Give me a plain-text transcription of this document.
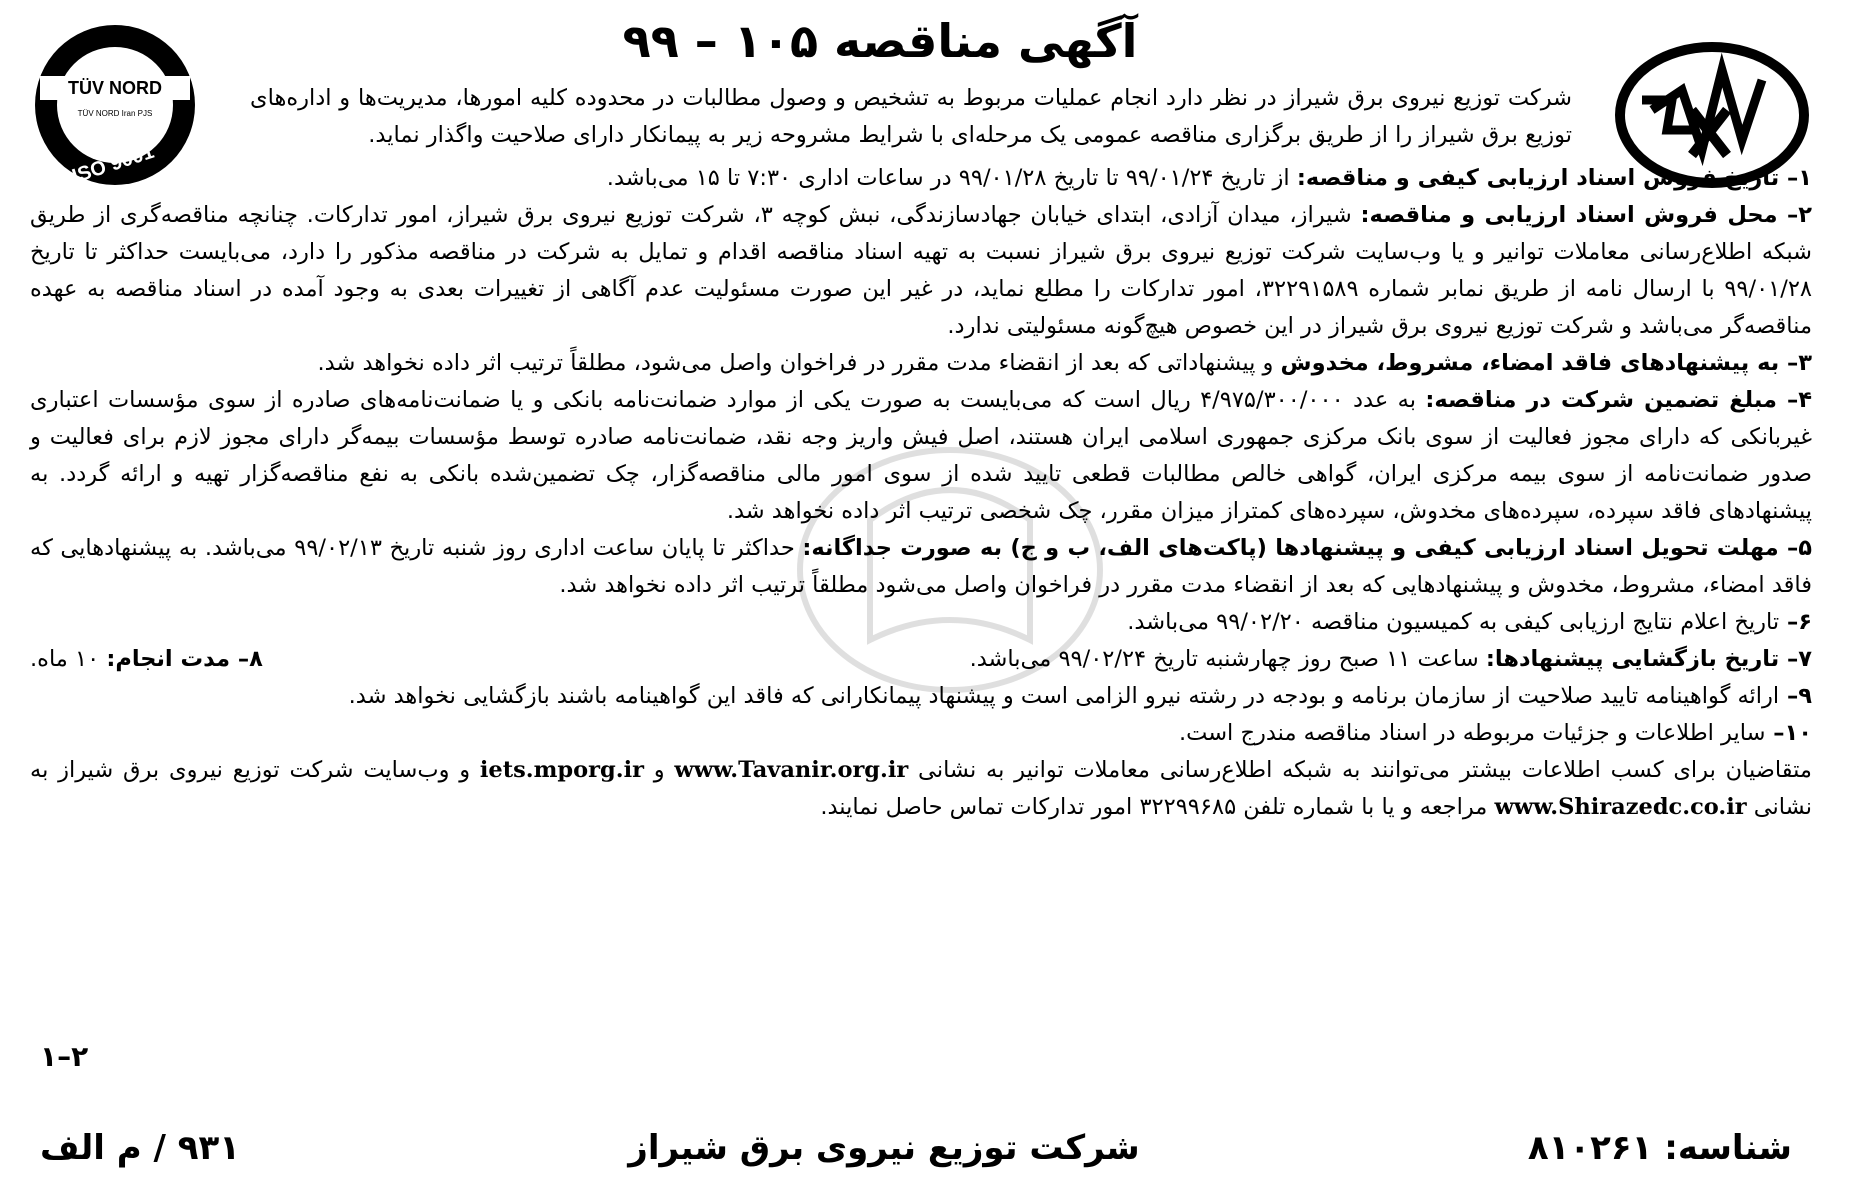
آگهی مناقصه ۱۰۵ – ۹۹
TÜV NORD
TÜV NORD Iran PJS
ISO 9001

شرکت توزیع نیروی برق شیراز در نظر دارد انجام عملیات مربوط به تشخیص و وصول مطالبات در محدوده کلیه امورها، مدیریت‌ها و اداره‌های توزیع برق شیراز را از طریق برگزاری مناقصه عمومی یک مرحله‌ای با شرایط مشروحه زیر به پیمانکار دارای صلاحیت واگذار نماید.

۱– تاریخ فروش اسناد ارزیابی کیفی و مناقصه: از تاریخ ۹۹/۰۱/۲۴ تا تاریخ ۹۹/۰۱/۲۸ در ساعات اداری ۷:۳۰ تا ۱۵ می‌باشد.

۲– محل فروش اسناد ارزیابی و مناقصه: شیراز، میدان آزادی، ابتدای خیابان جهادسازندگی، نبش کوچه ۳، شرکت توزیع نیروی برق شیراز، امور تدارکات. چنانچه مناقصه‌گری از طریق شبکه اطلاع‌رسانی معاملات توانیر و یا وب‌سایت شرکت توزیع نیروی برق شیراز نسبت به تهیه اسناد مناقصه اقدام و تمایل به شرکت در مناقصه مذکور را دارد، می‌بایست حداکثر تا تاریخ ۹۹/۰۱/۲۸ با ارسال نامه از طریق نمابر شماره ۳۲۲۹۱۵۸۹، امور تدارکات را مطلع نماید، در غیر این صورت مسئولیت عدم آگاهی از تغییرات بعدی به وجود آمده در اسناد مناقصه به عهده مناقصه‌گر می‌باشد و شرکت توزیع نیروی برق شیراز در این خصوص هیچ‌گونه مسئولیتی ندارد.

۳– به پیشنهادهای فاقد امضاء، مشروط، مخدوش و پیشنهاداتی که بعد از انقضاء مدت مقرر در فراخوان واصل می‌شود، مطلقاً ترتیب اثر داده نخواهد شد.

۴– مبلغ تضمین شرکت در مناقصه: به عدد ۴/۹۷۵/۳۰۰/۰۰۰ ریال است که می‌بایست به صورت یکی از موارد ضمانت‌نامه بانکی و یا ضمانت‌نامه‌های صادره از سوی مؤسسات اعتباری غیربانکی که دارای مجوز فعالیت از سوی بانک مرکزی جمهوری اسلامی ایران هستند، اصل فیش واریز وجه نقد، ضمانت‌نامه صادره توسط مؤسسات بیمه‌گر دارای مجوز لازم برای فعالیت و صدور ضمانت‌نامه از سوی بیمه مرکزی ایران، گواهی خالص مطالبات قطعی تایید شده از سوی امور مالی مناقصه‌گزار، چک تضمین‌شده بانکی به نفع مناقصه‌گزار تهیه و ارائه گردد. به پیشنهادهای فاقد سپرده، سپرده‌های مخدوش، سپرده‌های کمتراز میزان مقرر، چک شخصی ترتیب اثر داده نخواهد شد.

۵– مهلت تحویل اسناد ارزیابی کیفی و پیشنهادها (پاکت‌های الف، ب و ج) به صورت جداگانه: حداکثر تا پایان ساعت اداری روز شنبه تاریخ ۹۹/۰۲/۱۳ می‌باشد. به پیشنهادهایی که فاقد امضاء، مشروط، مخدوش و پیشنهادهایی که بعد از انقضاء مدت مقرر در فراخوان واصل می‌شود مطلقاً ترتیب اثر داده نخواهد شد.

۶– تاریخ اعلام نتایج ارزیابی کیفی به کمیسیون مناقصه ۹۹/۰۲/۲۰ می‌باشد.

۷– تاریخ بازگشایی پیشنهادها: ساعت ۱۱ صبح روز چهارشنبه تاریخ ۹۹/۰۲/۲۴ می‌باشد.

۸– مدت انجام: ۱۰ ماه.

۹– ارائه گواهینامه تایید صلاحیت از سازمان برنامه و بودجه در رشته نیرو الزامی است و پیشنهاد پیمانکارانی که فاقد این گواهینامه باشند بازگشایی نخواهد شد.

۱۰– سایر اطلاعات و جزئیات مربوطه در اسناد مناقصه مندرج است.

متقاضیان برای کسب اطلاعات بیشتر می‌توانند به شبکه اطلاع‌رسانی معاملات توانیر به نشانی www.Tavanir.org.ir و iets.mporg.ir و وب‌سایت شرکت توزیع نیروی برق شیراز به نشانی www.Shirazedc.co.ir مراجعه و یا با شماره تلفن ۳۲۲۹۹۶۸۵ امور تدارکات تماس حاصل نمایند.

۱–۲
شناسه: ۸۱۰۲۶۱
شرکت توزیع نیروی برق شیراز
۹۳۱ / م الف
